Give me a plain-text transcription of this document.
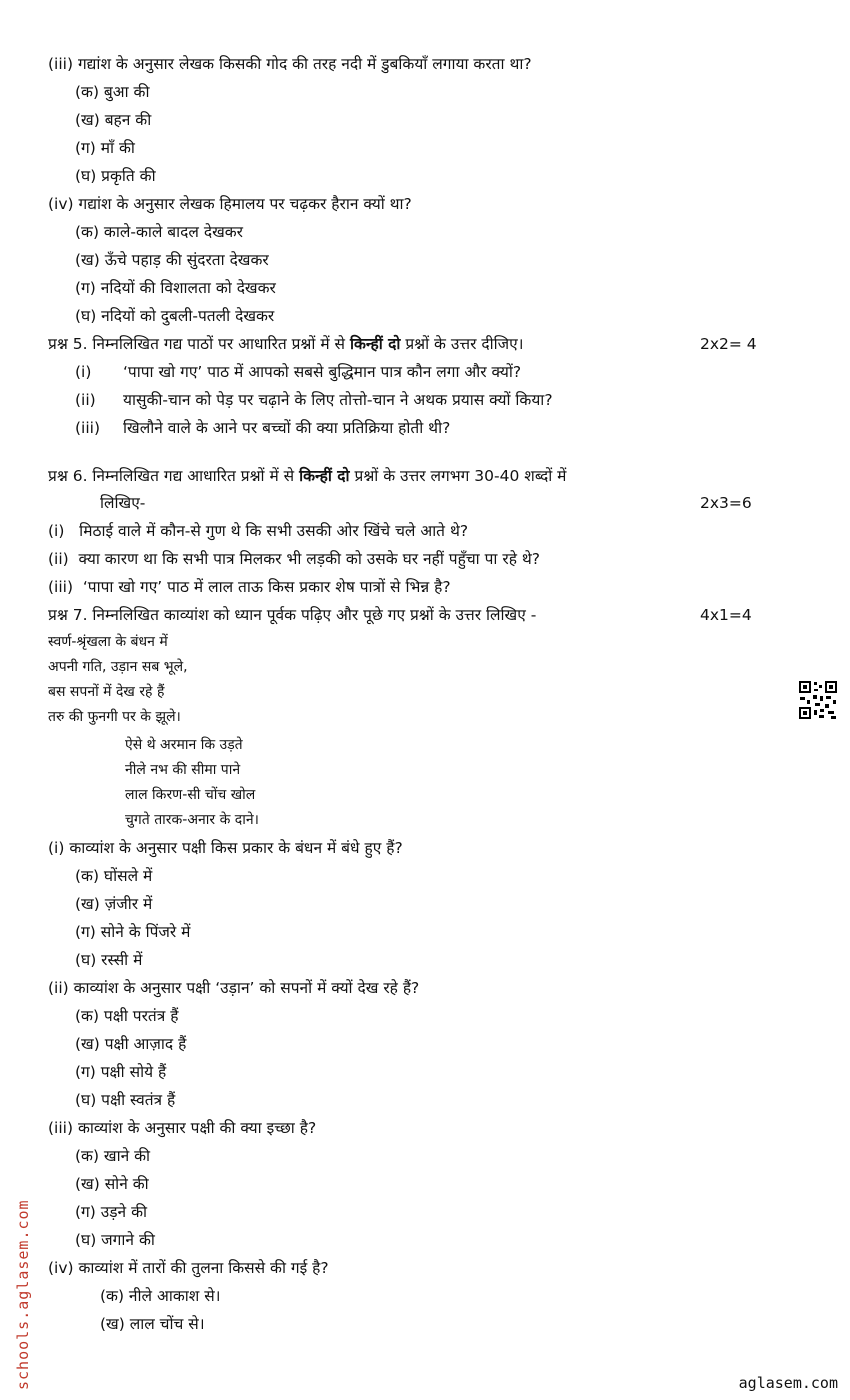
(iii) गद्यांश के अनुसार लेखक किसकी गोद की तरह नदी में डुबकियाँ लगाया करता था?
(क) बुआ की
(ख) बहन की
(ग) माँ की
(घ) प्रकृति की
(iv) गद्यांश के अनुसार लेखक हिमालय पर चढ़कर हैरान क्यों था?
(क) काले-काले बादल देखकर
(ख) ऊँचे पहाड़ की सुंदरता देखकर
(ग) नदियों की विशालता को देखकर
(घ) नदियों को दुबली-पतली देखकर
प्रश्न 5. निम्नलिखित गद्य पाठों पर आधारित प्रश्नों में से किन्हीं दो प्रश्नों के उत्तर दीजिए।	2x2= 4
(i) ‘पापा खो गए’ पाठ में आपको सबसे बुद्धिमान पात्र कौन लगा और क्यों?
(ii) यासुकी-चान को पेड़ पर चढ़ाने के लिए तोत्तो-चान ने अथक प्रयास क्यों किया?
(iii) खिलौने वाले के आने पर बच्चों की क्या प्रतिक्रिया होती थी?
प्रश्न 6. निम्नलिखित गद्य आधारित प्रश्नों में से किन्हीं दो प्रश्नों के उत्तर लगभग 30-40 शब्दों में
लिखिए-	2x3=6
(i)   मिठाई वाले में कौन-से गुण थे कि सभी उसकी ओर खिंचे चले आते थे?
(ii)  क्या कारण था कि सभी पात्र मिलकर भी लड़की को उसके घर नहीं पहुँचा पा रहे थे?
(iii)  ‘पापा खो गए’ पाठ में लाल ताऊ किस प्रकार शेष पात्रों से भिन्न है?
प्रश्न 7. निम्नलिखित काव्यांश को ध्यान पूर्वक पढ़िए और पूछे गए प्रश्नों के उत्तर लिखिए -	4x1=4
स्वर्ण-श्रृंखला के बंधन में
अपनी गति, उड़ान सब भूले,
बस सपनों में देख रहे हैं
तरु की फुनगी पर के झूले।
ऐसे थे अरमान कि उड़ते
नीले नभ की सीमा पाने
लाल किरण-सी चोंच खोल
चुगते तारक-अनार के दाने।
(i) काव्यांश के अनुसार पक्षी किस प्रकार के बंधन में बंधे हुए हैं?
(क) घोंसले में
(ख) ज़ंजीर में
(ग) सोने के पिंजरे में
(घ) रस्सी में
(ii) काव्यांश के अनुसार पक्षी ‘उड़ान’ को सपनों में क्यों देख रहे हैं?
(क) पक्षी परतंत्र हैं
(ख) पक्षी आज़ाद हैं
(ग) पक्षी सोये हैं
(घ) पक्षी स्वतंत्र हैं
(iii) काव्यांश के अनुसार पक्षी की क्या इच्छा है?
(क) खाने की
(ख) सोने की
(ग) उड़ने की
(घ) जगाने की
(iv) काव्यांश में तारों की तुलना किससे की गई है?
(क) नीले आकाश से।
(ख) लाल चोंच से।
schools.aglasem.com	aglasem.com
